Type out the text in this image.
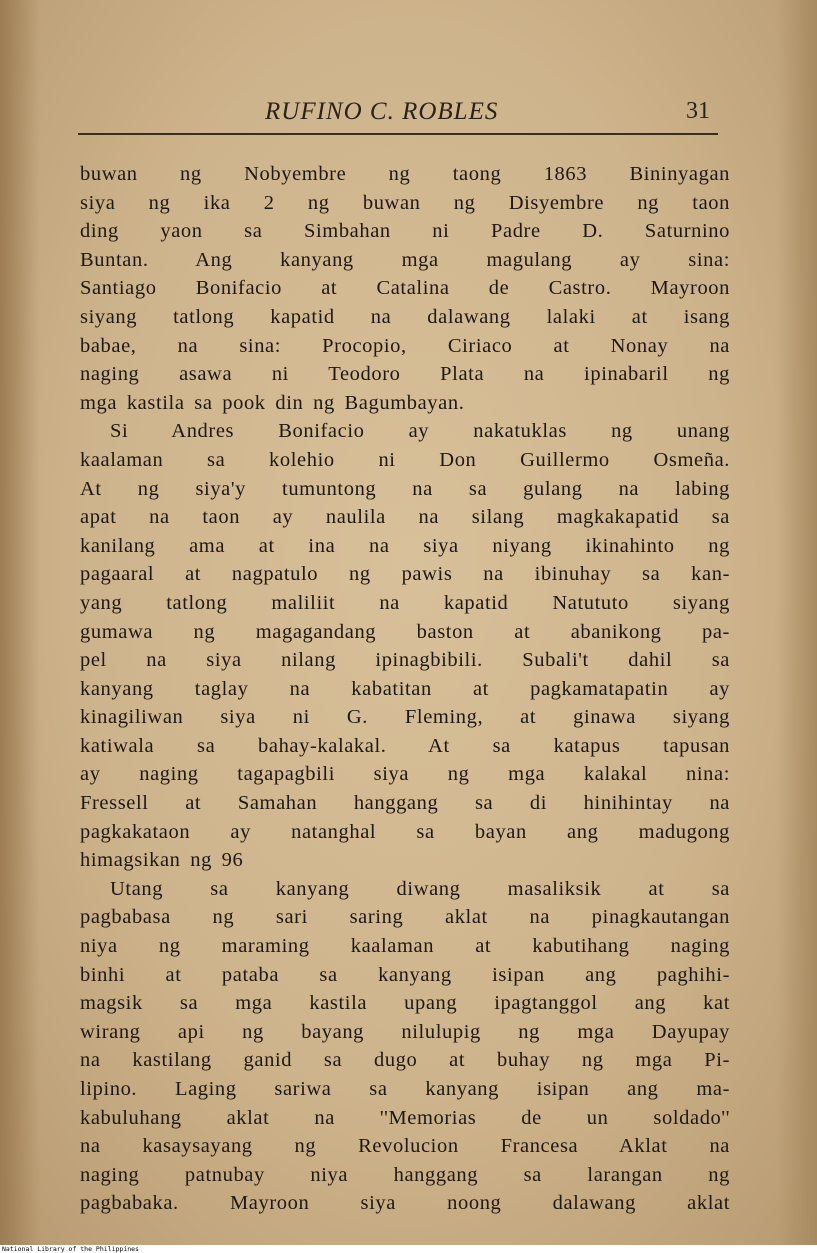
RUFINO C. ROBLES	31
buwan ng Nobyembre ng taong 1863 Bininyagan
siya ng ika 2 ng buwan ng Disyembre ng taon
ding yaon sa Simbahan ni Padre D. Saturnino
Buntan. Ang kanyang mga magulang ay sina:
Santiago Bonifacio at Catalina de Castro. Mayroon
siyang tatlong kapatid na dalawang lalaki at isang
babae, na sina: Procopio, Ciriaco at Nonay na
naging asawa ni Teodoro Plata na ipinabaril ng
mga kastila sa pook din ng Bagumbayan.
Si Andres Bonifacio ay nakatuklas ng unang
kaalaman sa kolehio ni Don Guillermo Osmeña.
At ng siya'y tumuntong na sa gulang na labing
apat na taon ay naulila na silang magkakapatid sa
kanilang ama at ina na siya niyang ikinahinto ng
pagaaral at nagpatulo ng pawis na ibinuhay sa kan-
yang tatlong maliliit na kapatid Natututo siyang
gumawa ng magagandang baston at abanikong pa-
pel na siya nilang ipinagbibili. Subali't dahil sa
kanyang taglay na kabatitan at pagkamatapatin ay
kinagiliwan siya ni G. Fleming, at ginawa siyang
katiwala sa bahay-kalakal. At sa katapus tapusan
ay naging tagapagbili siya ng mga kalakal nina:
Fressell at Samahan hanggang sa di hinihintay na
pagkakataon ay natanghal sa bayan ang madugong
himagsikan ng 96
Utang sa kanyang diwang masaliksik at sa
pagbabasa ng sari saring aklat na pinagkautangan
niya ng maraming kaalaman at kabutihang naging
binhi at pataba sa kanyang isipan ang paghihi-
magsik sa mga kastila upang ipagtanggol ang kat
wirang api ng bayang nilulupig ng mga Dayupay
na kastilang ganid sa dugo at buhay ng mga Pi-
lipino. Laging sariwa sa kanyang isipan ang ma-
kabuluhang aklat na ''Memorias de un soldado''
na kasaysayang ng Revolucion Francesa Aklat na
naging patnubay niya hanggang sa larangan ng
pagbabaka. Mayroon siya noong dalawang aklat
National Library of the Philippines
